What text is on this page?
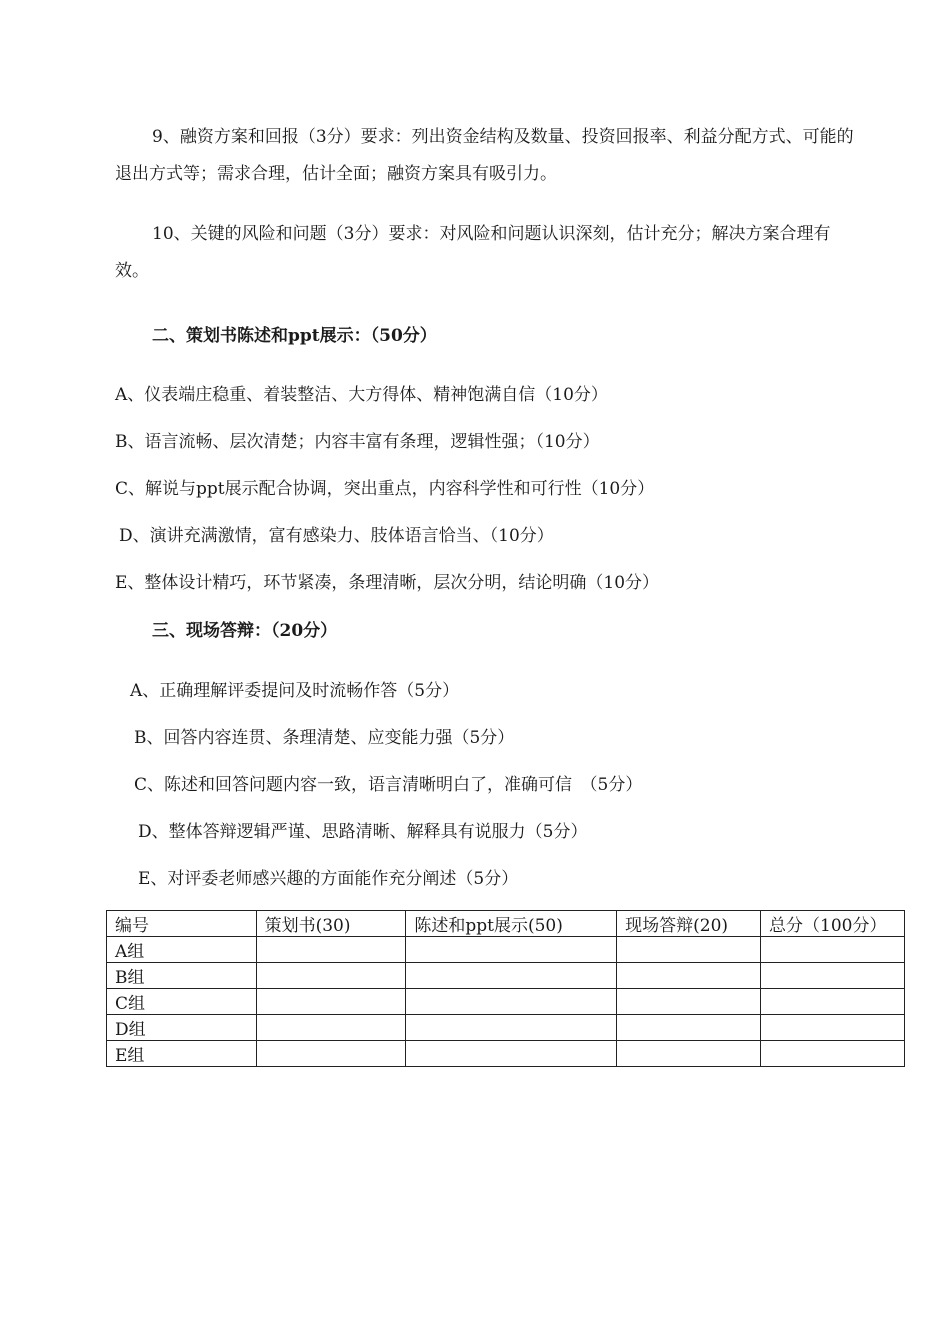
9、融资方案和回报（3分）要求：列出资金结构及数量、投资回报率、利益分配方式、可能的退出方式等；需求合理，估计全面；融资方案具有吸引力。

10、关键的风险和问题（3分）要求：对风险和问题认识深刻，估计充分；解决方案合理有效。

二、策划书陈述和ppt展示：（50分）

A、仪表端庄稳重、着装整洁、大方得体、精神饱满自信（10分）

B、语言流畅、层次清楚；内容丰富有条理，逻辑性强；（10分）

C、解说与ppt展示配合协调，突出重点，内容科学性和可行性（10分）

D、演讲充满激情，富有感染力、肢体语言恰当、（10分）

E、整体设计精巧，环节紧凑，条理清晰，层次分明，结论明确（10分）

三、现场答辩：（20分）

A、正确理解评委提问及时流畅作答（5分）

B、回答内容连贯、条理清楚、应变能力强（5分）

C、陈述和回答问题内容一致，语言清晰明白了，准确可信　（5分）

D、整体答辩逻辑严谨、思路清晰、解释具有说服力（5分）

E、对评委老师感兴趣的方面能作充分阐述（5分）

编号	策划书(30)	陈述和ppt展示(50)	现场答辩(20)	总分（100分）
A组				
B组				
C组				
D组				
E组				
